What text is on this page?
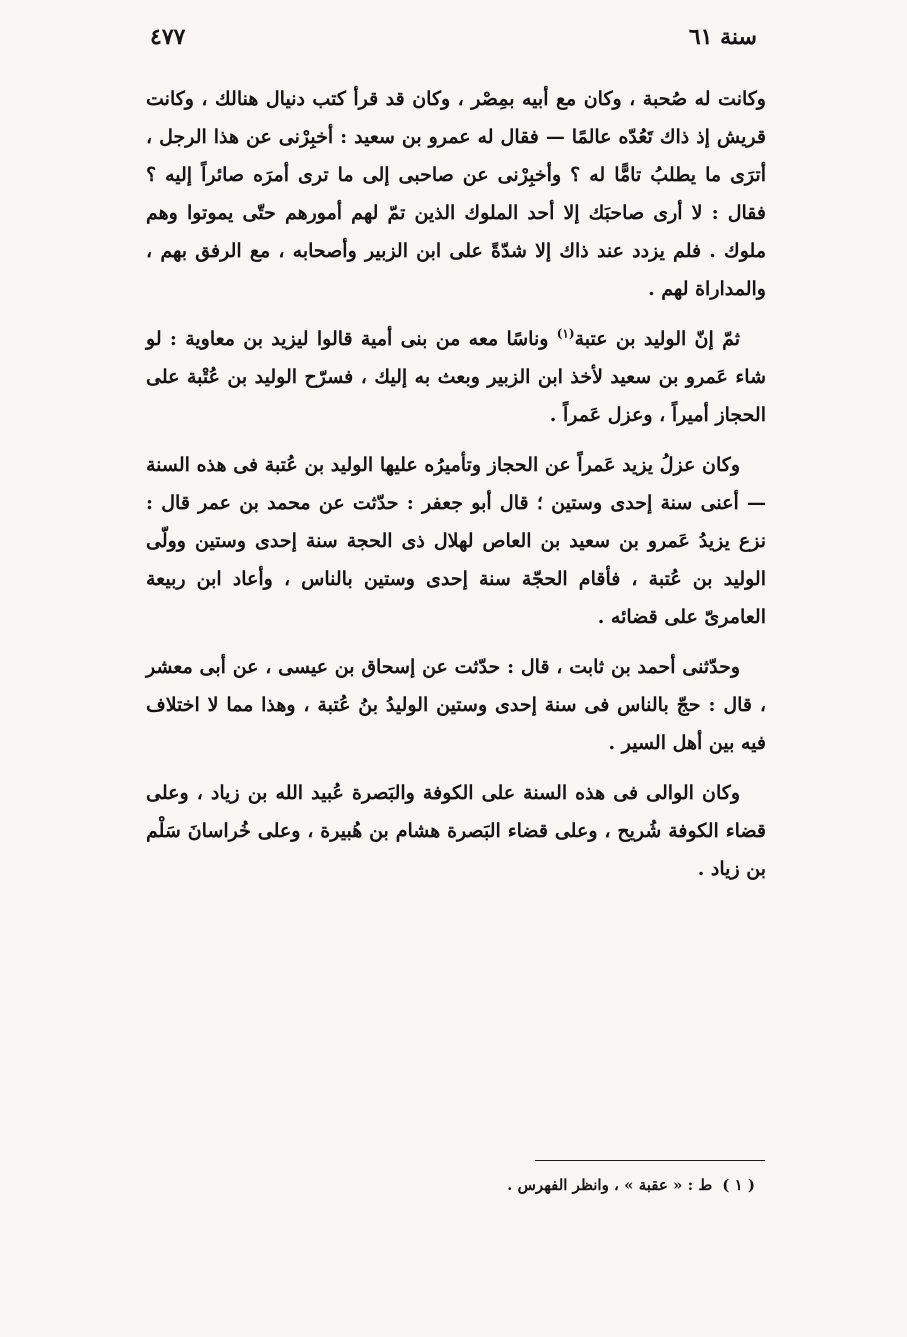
سنة ٦١
٤٧٧

وكانت له صُحبة ، وكان مع أبيه بمِصْر ، وكان قد قرأ كتب دنيال هنالك ، وكانت قريش إذ ذاك تَعُدّه عالمًا — فقال له عمرو بن سعيد : أخبِرْنى عن هذا الرجل ، أترَى ما يطلبُ تامًّا له ؟ وأخبِرْنى عن صاحبى إلى ما ترى أمرَه صائراً إليه ؟ فقال : لا أرى صاحبَك إلا أحد الملوك الذين تمّ لهم أمورهم حتّى يموتوا وهم ملوك . فلم يزدد عند ذاك إلا شدّةً على ابن الزبير وأصحابه ، مع الرفق بهم ، والمداراة لهم .

ثمّ إنّ الوليد بن عتبة$^{(١)}$ وناسًا معه من بنى أمية قالوا ليزيد بن معاوية : لو شاء عَمرو بن سعيد لأخذ ابن الزبير وبعث به إليك ، فسرّح الوليد بن عُتْبة على الحجاز أميراً ، وعزل عَمراً .

وكان عزلُ يزيد عَمراً عن الحجاز وتأميرُه عليها الوليد بن عُتبة فى هذه السنة — أعنى سنة إحدى وستين ؛ قال أبو جعفر : حدّثت عن محمد بن عمر قال : نزع يزيدُ عَمرو بن سعيد بن العاص لهلال ذى الحجة سنة إحدى وستين وولّى الوليد بن عُتبة ، فأقام الحجّة سنة إحدى وستين بالناس ، وأعاد ابن ربيعة العامرىّ على قضائه .

وحدّثنى أحمد بن ثابت ، قال : حدّثت عن إسحاق بن عيسى ، عن أبى معشر ، قال : حجّ بالناس فى سنة إحدى وستين الوليدُ بنُ عُتبة ، وهذا مما لا اختلاف فيه بين أهل السير .

وكان الوالى فى هذه السنة على الكوفة والبَصرة عُبيد الله بن زياد ، وعلى قضاء الكوفة شُريح ، وعلى قضاء البَصرة هشام بن هُبيرة ، وعلى خُراسانَ سَلْم بن زياد .

( ١ )ط : « عقبة » ، وانظر الفهرس .
